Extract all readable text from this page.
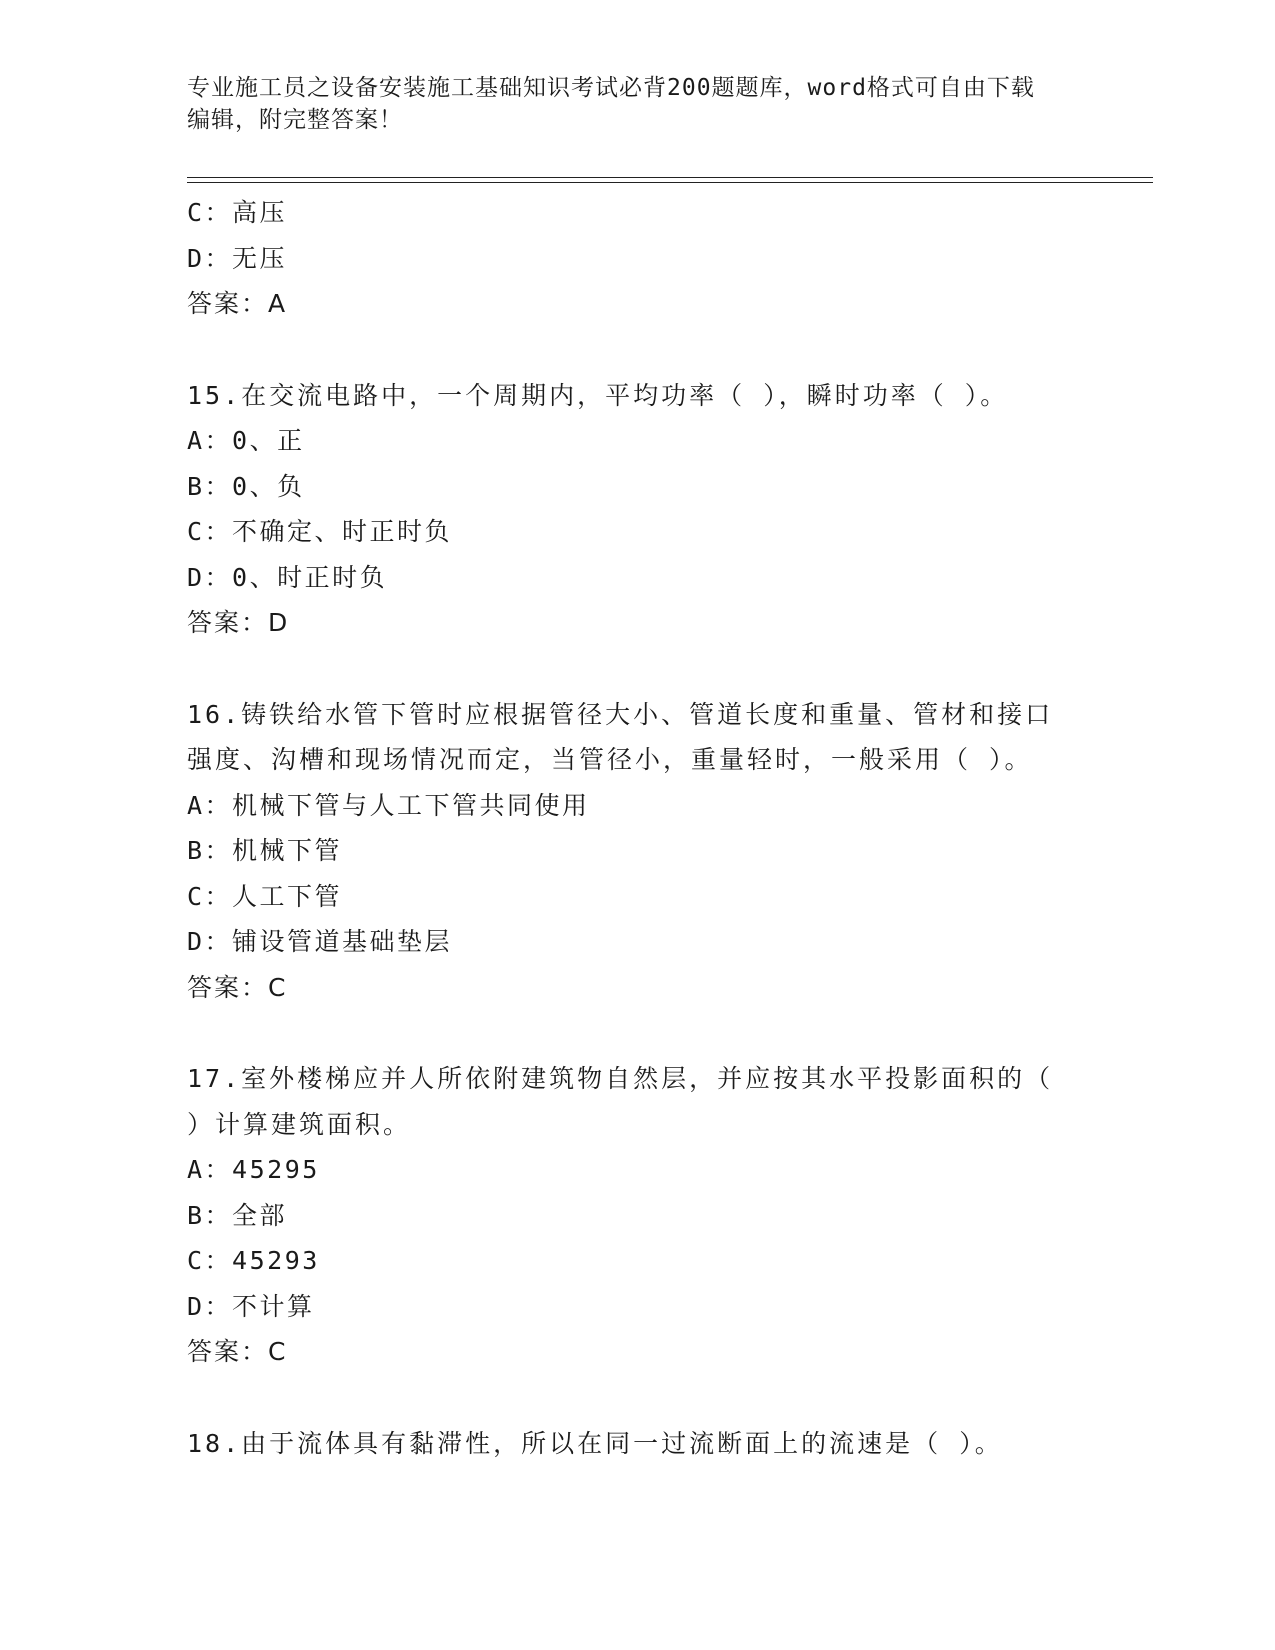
专业施工员之设备安装施工基础知识考试必背200题题库，word格式可自由下载
编辑，附完整答案！
C：高压
D：无压
答案：A
15.在交流电路中，一个周期内，平均功率（ ），瞬时功率（ ）。
A：0、正
B：0、负
C：不确定、时正时负
D：0、时正时负
答案：D
16.铸铁给水管下管时应根据管径大小、管道长度和重量、管材和接口
强度、沟槽和现场情况而定，当管径小，重量轻时，一般采用（ ）。
A：机械下管与人工下管共同使用
B：机械下管
C：人工下管
D：铺设管道基础垫层
答案：C
17.室外楼梯应并人所依附建筑物自然层，并应按其水平投影面积的（
）计算建筑面积。
A：45295
B：全部
C：45293
D：不计算
答案：C
18.由于流体具有黏滞性，所以在同一过流断面上的流速是（ ）。
